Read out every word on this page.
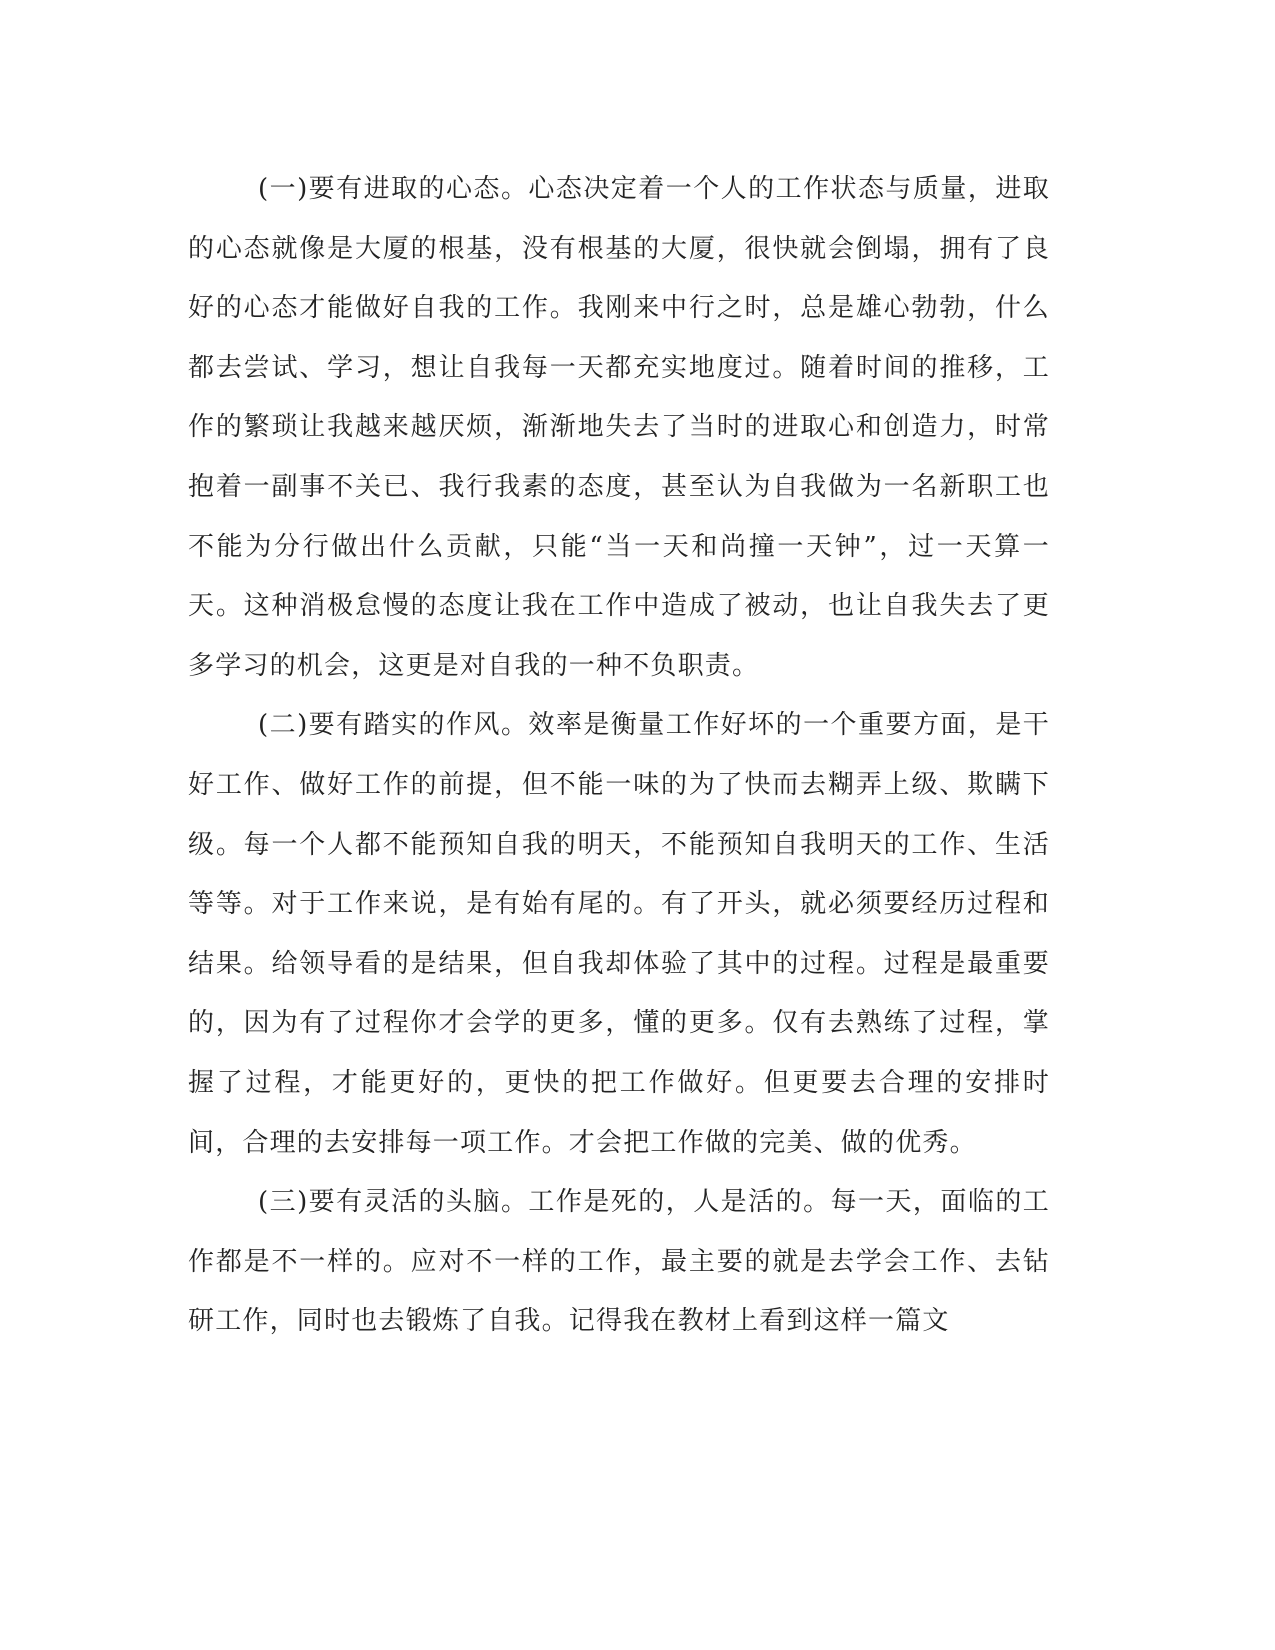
(一)要有进取的心态。心态决定着一个人的工作状态与质量，进取的心态就像是大厦的根基，没有根基的大厦，很快就会倒塌，拥有了良好的心态才能做好自我的工作。我刚来中行之时，总是雄心勃勃，什么都去尝试、学习，想让自我每一天都充实地度过。随着时间的推移，工作的繁琐让我越来越厌烦，渐渐地失去了当时的进取心和创造力，时常抱着一副事不关已、我行我素的态度，甚至认为自我做为一名新职工也不能为分行做出什么贡献，只能“当一天和尚撞一天钟”，过一天算一天。这种消极怠慢的态度让我在工作中造成了被动，也让自我失去了更多学习的机会，这更是对自我的一种不负职责。

(二)要有踏实的作风。效率是衡量工作好坏的一个重要方面，是干好工作、做好工作的前提，但不能一味的为了快而去糊弄上级、欺瞒下级。每一个人都不能预知自我的明天，不能预知自我明天的工作、生活等等。对于工作来说，是有始有尾的。有了开头，就必须要经历过程和结果。给领导看的是结果，但自我却体验了其中的过程。过程是最重要的，因为有了过程你才会学的更多，懂的更多。仅有去熟练了过程，掌握了过程，才能更好的，更快的把工作做好。但更要去合理的安排时间，合理的去安排每一项工作。才会把工作做的完美、做的优秀。

(三)要有灵活的头脑。工作是死的，人是活的。每一天，面临的工作都是不一样的。应对不一样的工作，最主要的就是去学会工作、去钻研工作，同时也去锻炼了自我。记得我在教材上看到这样一篇文
